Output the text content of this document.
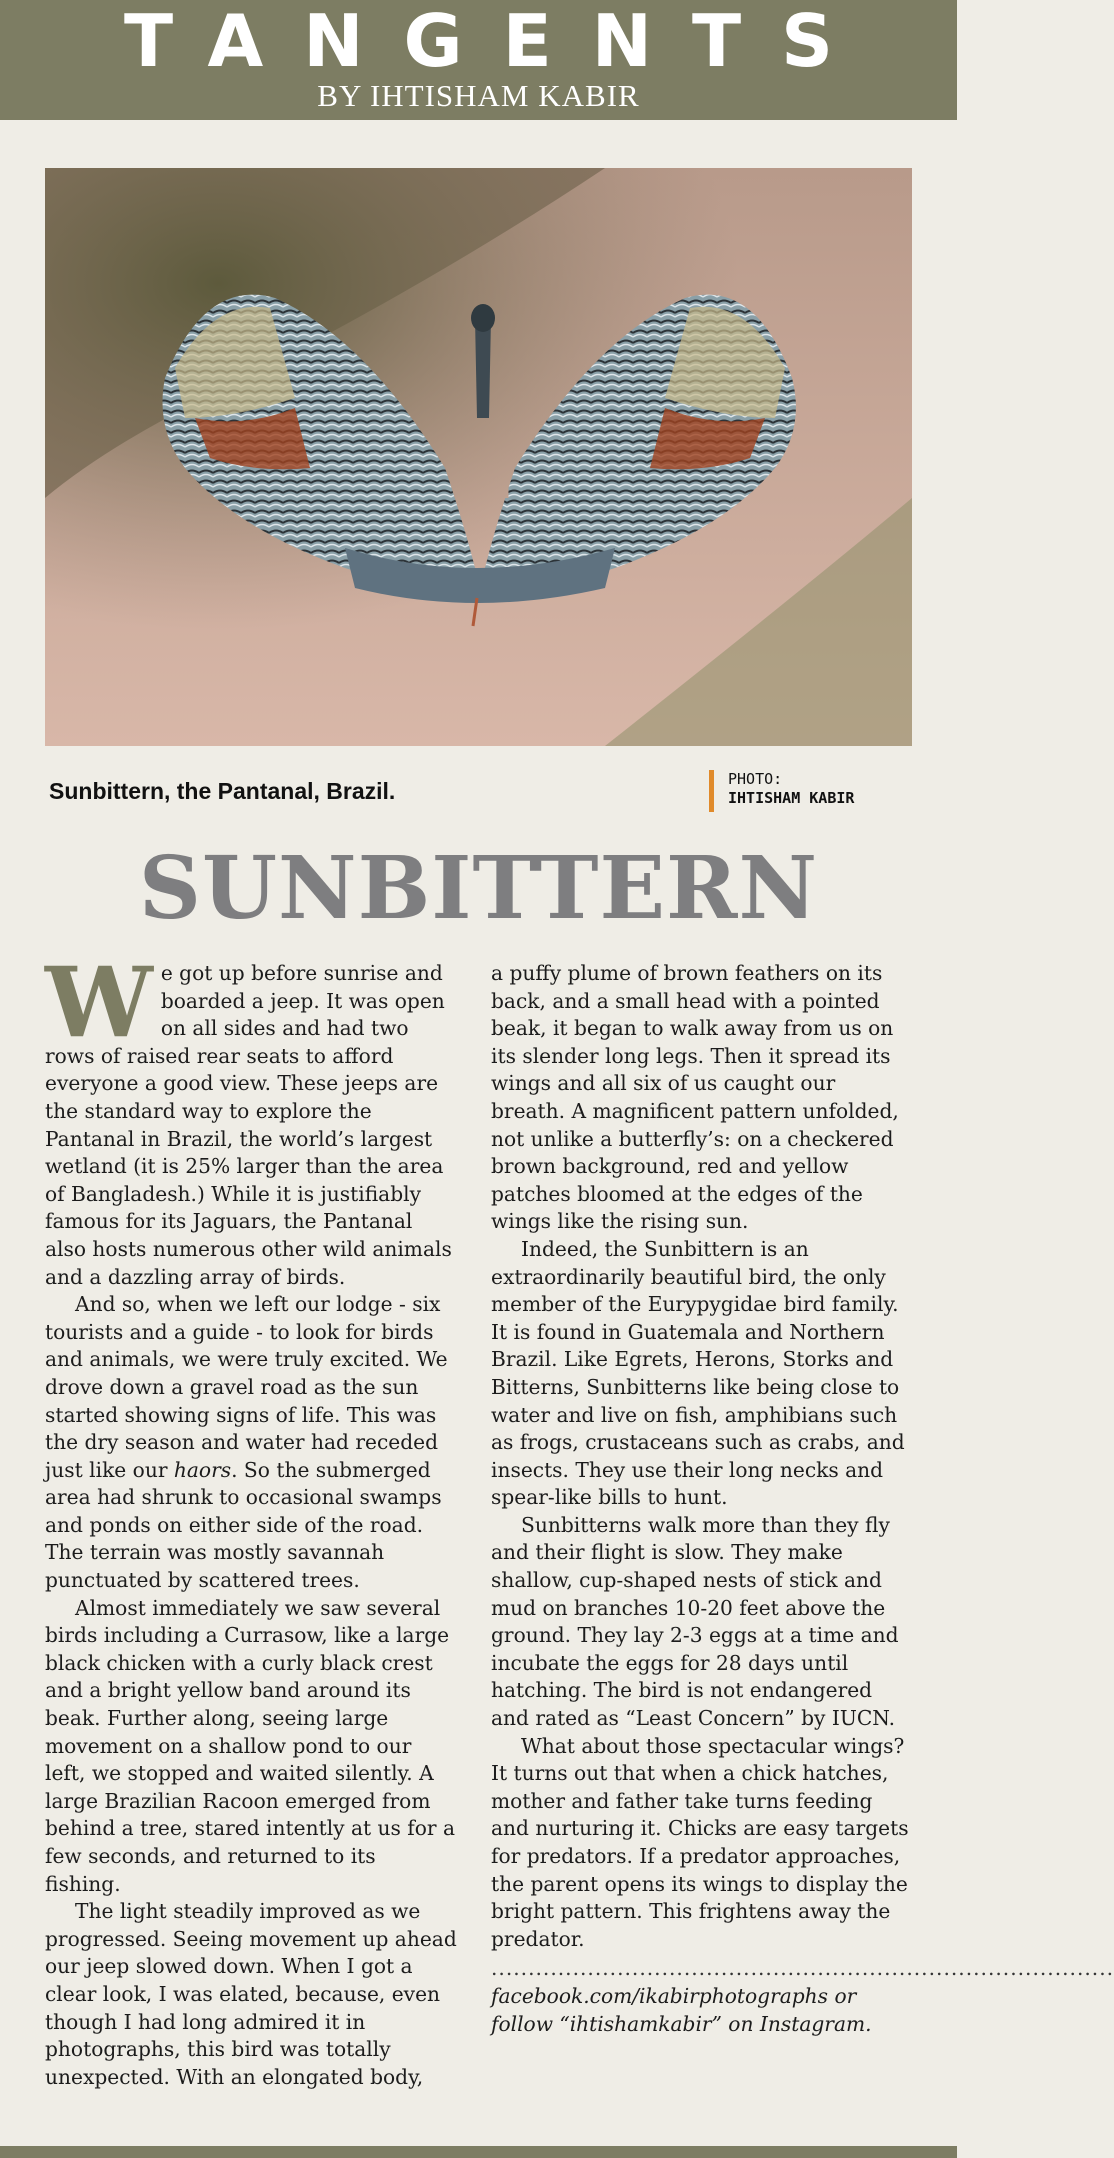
TANGENTS
BY IHTISHAM KABIR
Sunbittern, the Pantanal, Brazil.	PHOTO:
IHTISHAM KABIR
SUNBITTERN

We got up before sunrise and boarded a jeep. It was open on all sides and had two rows of raised rear seats to afford everyone a good view. These jeeps are the standard way to explore the Pantanal in Brazil, the world’s largest wetland (it is 25% larger than the area of Bangladesh.) While it is justifiably famous for its Jaguars, the Pantanal also hosts numerous other wild animals and a dazzling array of birds.

And so, when we left our lodge - six tourists and a guide - to look for birds and animals, we were truly excited. We drove down a gravel road as the sun started showing signs of life. This was the dry season and water had receded just like our haors. So the submerged area had shrunk to occasional swamps and ponds on either side of the road. The terrain was mostly savannah punctuated by scattered trees.

Almost immediately we saw several birds including a Currasow, like a large black chicken with a curly black crest and a bright yellow band around its beak. Further along, seeing large movement on a shallow pond to our left, we stopped and waited silently. A large Brazilian Racoon emerged from behind a tree, stared intently at us for a few seconds, and returned to its fishing.

The light steadily improved as we progressed. Seeing movement up ahead our jeep slowed down. When I got a clear look, I was elated, because, even though I had long admired it in photographs, this bird was totally unexpected. With an elongated body,

a puffy plume of brown feathers on its back, and a small head with a pointed beak, it began to walk away from us on its slender long legs. Then it spread its wings and all six of us caught our breath. A magnificent pattern unfolded, not unlike a butterfly’s: on a checkered brown background, red and yellow patches bloomed at the edges of the wings like the rising sun.

Indeed, the Sunbittern is an extraordinarily beautiful bird, the only member of the Eurypygidae bird family. It is found in Guatemala and Northern Brazil. Like Egrets, Herons, Storks and Bitterns, Sunbitterns like being close to water and live on fish, amphibians such as frogs, crustaceans such as crabs, and insects. They use their long necks and spear-like bills to hunt.

Sunbitterns walk more than they fly and their flight is slow. They make shallow, cup-shaped nests of stick and mud on branches 10-20 feet above the ground. They lay 2-3 eggs at a time and incubate the eggs for 28 days until hatching. The bird is not endangered and rated as “Least Concern” by IUCN.

What about those spectacular wings? It turns out that when a chick hatches, mother and father take turns feeding and nurturing it. Chicks are easy targets for predators. If a predator approaches, the parent opens its wings to display the bright pattern. This frightens away the predator.

....................................................................................

facebook.com/ikabirphotographs or follow “ihtishamkabir” on Instagram.
